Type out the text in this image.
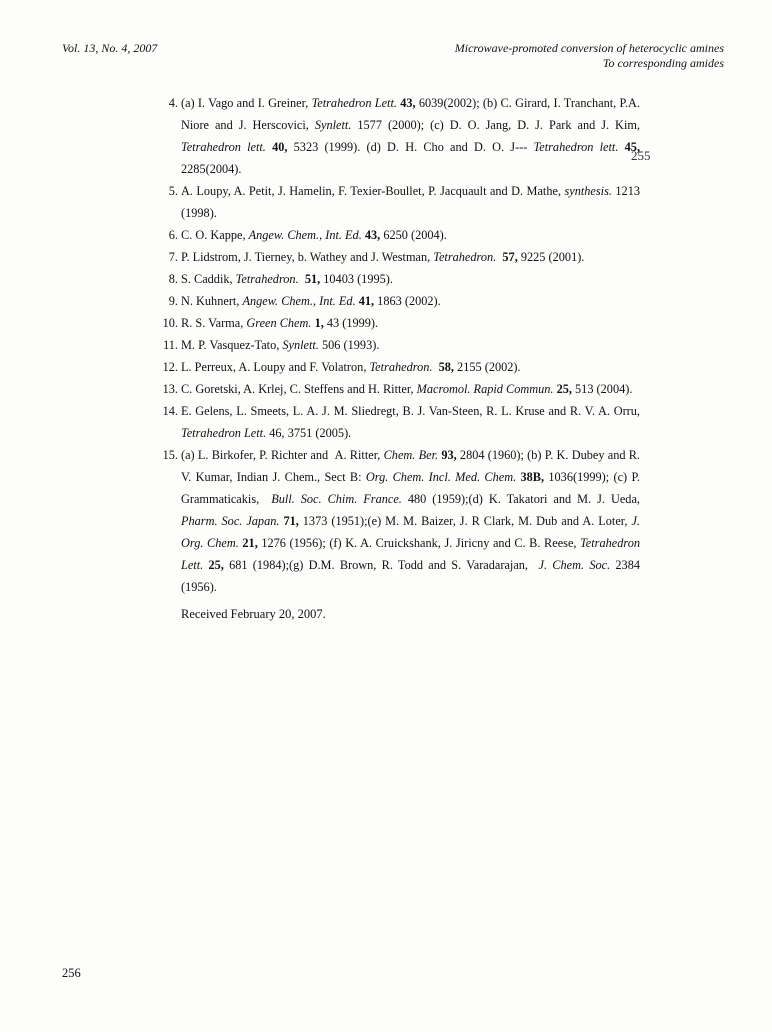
Vol. 13, No. 4, 2007	Microwave-promoted conversion of heterocyclic amines
To corresponding amides
255
4 . (a) I. Vago and I. Greiner, Tetrahedron Lett. 43, 6039(2002); (b) C. Girard, I. Tranchant, P.A. Niore and J. Herscovici, Synlett. 1577 (2000); (c) D. O. Jang, D. J. Park and J. Kim, Tetrahedron lett. 40, 5323 (1999). (d) D. H. Cho and D. O. J--- Tetrahedron lett. 45, 2285(2004).
5 . A. Loupy, A. Petit, J. Hamelin, F. Texier-Boullet, P. Jacquault and D. Mathe, synthesis. 1213 (1998).
6 . C. O. Kappe, Angew. Chem., Int. Ed. 43, 6250 (2004).
7 . P. Lidstrom, J. Tierney, b. Wathey and J. Westman, Tetrahedron. 57, 9225 (2001).
8 . S. Caddik, Tetrahedron. 51, 10403 (1995).
9 . N. Kuhnert, Angew. Chem., Int. Ed. 41, 1863 (2002).
10 . R. S. Varma, Green Chem. 1, 43 (1999).
11 . M. P. Vasquez-Tato, Synlett. 506 (1993).
12 . L. Perreux, A. Loupy and F. Volatron, Tetrahedron. 58, 2155 (2002).
13 . C. Goretski, A. Krlej, C. Steffens and H. Ritter, Macromol. Rapid Commun. 25, 513 (2004).
14 . E. Gelens, L. Smeets, L. A. J. M. Sliedregt, B. J. Van-Steen, R. L. Kruse and R. V. A. Orru, Tetrahedron Lett. 46, 3751 (2005).
15 . (a) L. Birkofer, P. Richter and  A. Ritter, Chem. Ber. 93, 2804 (1960); (b) P. K. Dubey and R. V. Kumar, Indian J. Chem., Sect B: Org. Chem. Incl. Med. Chem. 38B, 1036(1999); (c) P. Grammaticakis,  Bull. Soc. Chim. France. 480 (1959);(d) K. Takatori and M. J. Ueda, Pharm. Soc. Japan. 71, 1373 (1951);(e) M. M. Baizer, J. R Clark, M. Dub and A. Loter, J. Org. Chem. 21, 1276 (1956); (f) K. A. Cruickshank, J. Jiricny and C. B. Reese, Tetrahedron Lett. 25, 681 (1984);(g) D.M. Brown, R. Todd and S. Varadarajan,  J. Chem. Soc. 2384 (1956).
Received February 20, 2007.
256
